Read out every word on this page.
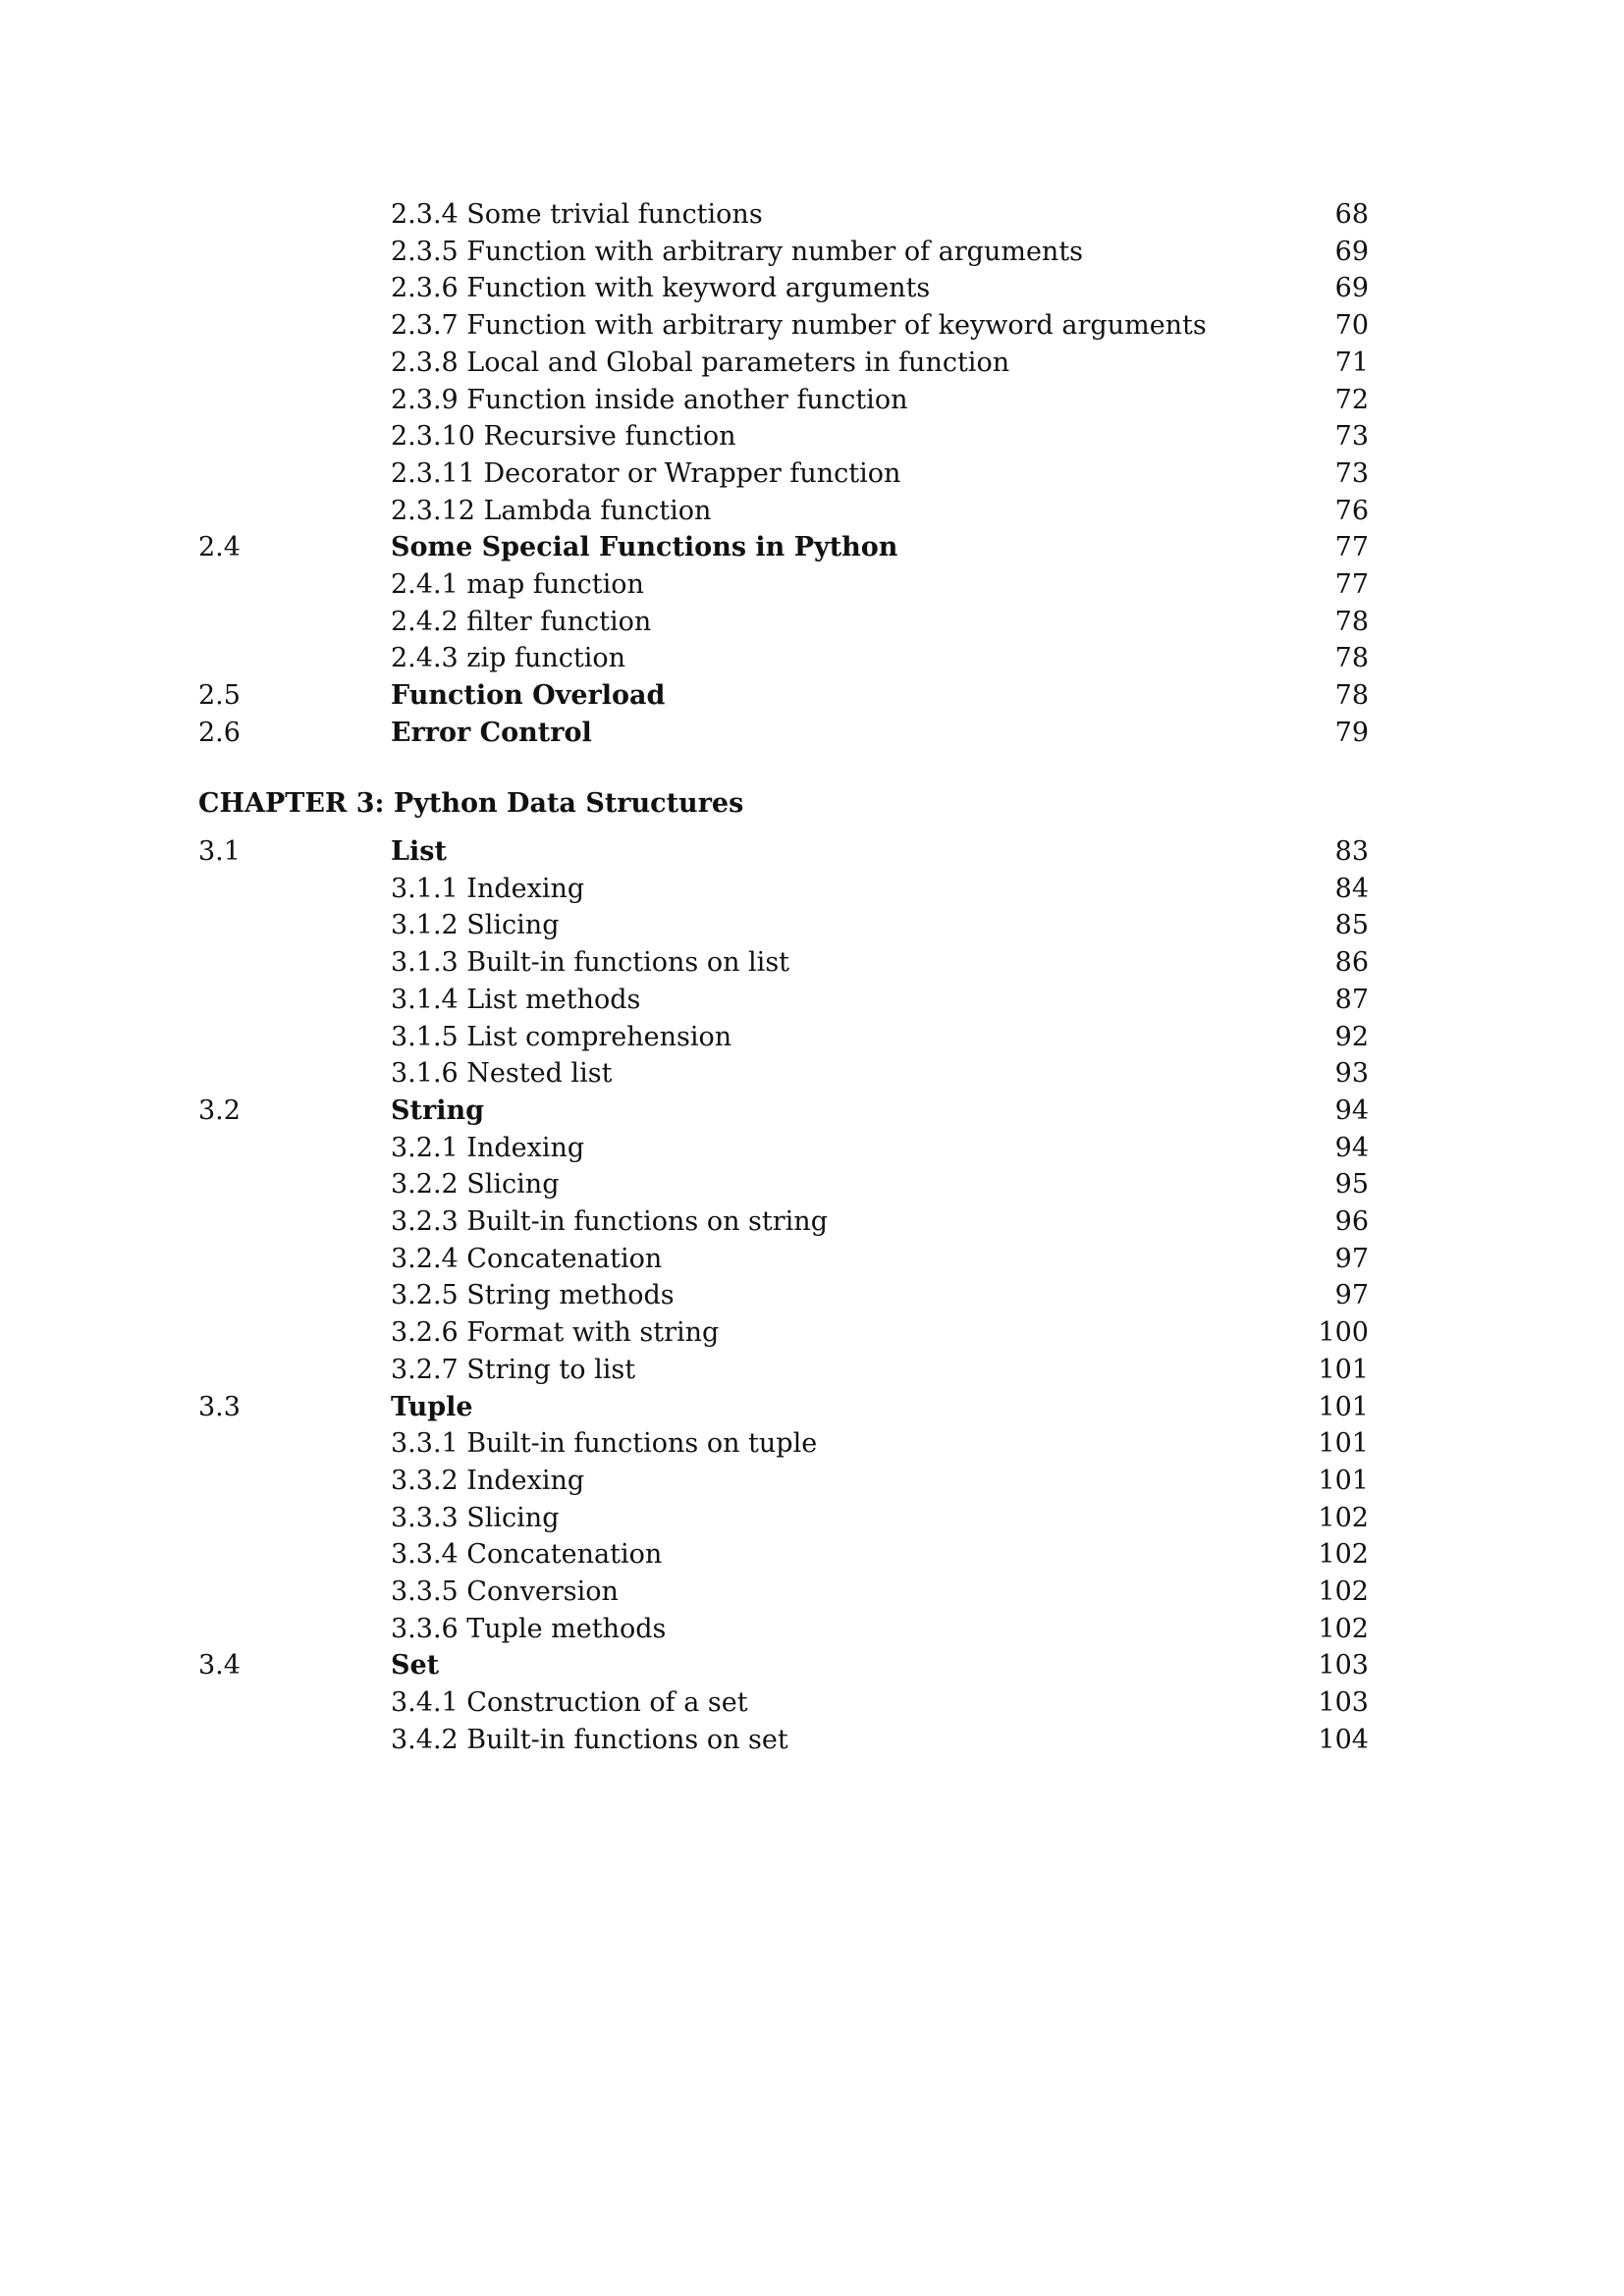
2.3.4 Some trivial functions	68
2.3.5 Function with arbitrary number of arguments	69
2.3.6 Function with keyword arguments	69
2.3.7 Function with arbitrary number of keyword arguments	70
2.3.8 Local and Global parameters in function	71
2.3.9 Function inside another function	72
2.3.10 Recursive function	73
2.3.11 Decorator or Wrapper function	73
2.3.12 Lambda function	76
2.4	Some Special Functions in Python	77
2.4.1 map function	77
2.4.2 filter function	78
2.4.3 zip function	78
2.5	Function Overload	78
2.6	Error Control	79
CHAPTER 3: Python Data Structures
3.1	List	83
3.1.1 Indexing	84
3.1.2 Slicing	85
3.1.3 Built-in functions on list	86
3.1.4 List methods	87
3.1.5 List comprehension	92
3.1.6 Nested list	93
3.2	String	94
3.2.1 Indexing	94
3.2.2 Slicing	95
3.2.3 Built-in functions on string	96
3.2.4 Concatenation	97
3.2.5 String methods	97
3.2.6 Format with string	100
3.2.7 String to list	101
3.3	Tuple	101
3.3.1 Built-in functions on tuple	101
3.3.2 Indexing	101
3.3.3 Slicing	102
3.3.4 Concatenation	102
3.3.5 Conversion	102
3.3.6 Tuple methods	102
3.4	Set	103
3.4.1 Construction of a set	103
3.4.2 Built-in functions on set	104
